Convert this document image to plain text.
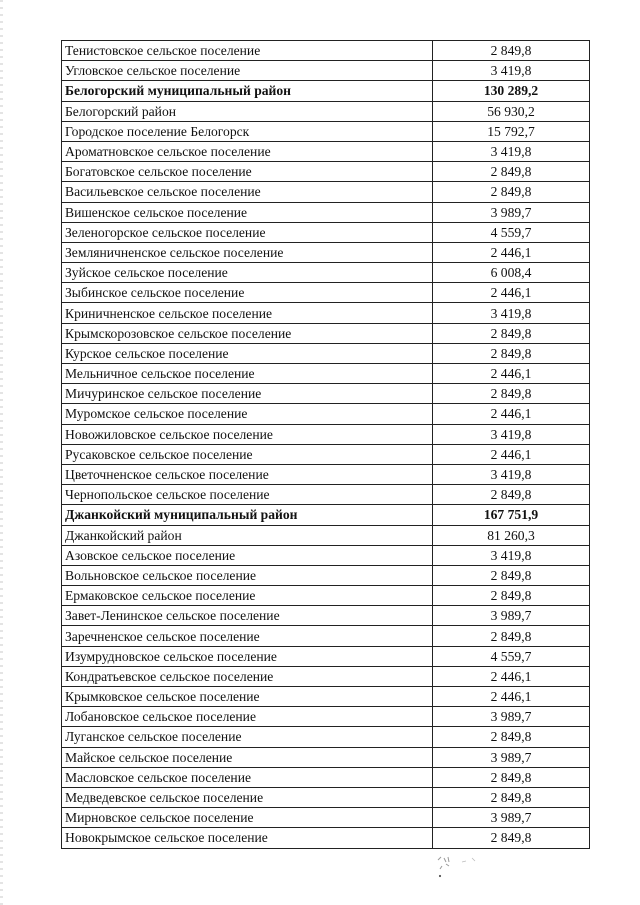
Тенистовское сельское поселение	2 849,8
Угловское сельское поселение	3 419,8
Белогорский муниципальный район	130 289,2
Белогорский район	56 930,2
Городское поселение Белогорск	15 792,7
Ароматновское сельское поселение	3 419,8
Богатовское сельское поселение	2 849,8
Васильевское сельское поселение	2 849,8
Вишенское сельское поселение	3 989,7
Зеленогорское сельское поселение	4 559,7
Земляничненское сельское поселение	2 446,1
Зуйское сельское поселение	6 008,4
Зыбинское сельское поселение	2 446,1
Криничненское сельское поселение	3 419,8
Крымскорозовское сельское поселение	2 849,8
Курское сельское поселение	2 849,8
Мельничное сельское поселение	2 446,1
Мичуринское сельское поселение	2 849,8
Муромское сельское поселение	2 446,1
Новожиловское сельское поселение	3 419,8
Русаковское сельское поселение	2 446,1
Цветочненское сельское поселение	3 419,8
Чернопольское сельское поселение	2 849,8
Джанкойский муниципальный район	167 751,9
Джанкойский район	81 260,3
Азовское сельское поселение	3 419,8
Вольновское сельское поселение	2 849,8
Ермаковское сельское поселение	2 849,8
Завет-Ленинское сельское поселение	3 989,7
Заречненское сельское поселение	2 849,8
Изумрудновское сельское поселение	4 559,7
Кондратьевское сельское поселение	2 446,1
Крымковское сельское поселение	2 446,1
Лобановское сельское поселение	3 989,7
Луганское сельское поселение	2 849,8
Майское сельское поселение	3 989,7
Масловское сельское поселение	2 849,8
Медведевское сельское поселение	2 849,8
Мирновское сельское поселение	3 989,7
Новокрымское сельское поселение	2 849,8
